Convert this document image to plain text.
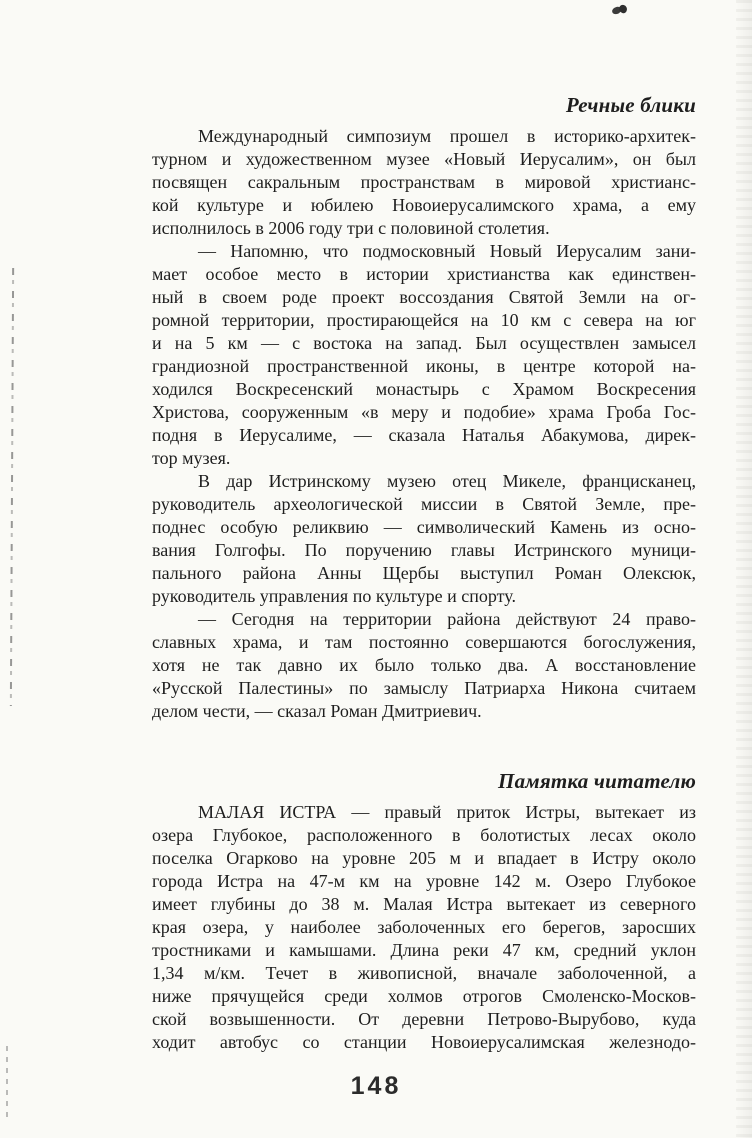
Речные блики
Международный симпозиум прошел в историко-архитек-
турном и художественном музее «Новый Иерусалим», он был
посвящен сакральным пространствам в мировой христианс-
кой культуре и юбилею Новоиерусалимского храма, а ему
исполнилось в 2006 году три с половиной столетия.
— Напомню, что подмосковный Новый Иерусалим зани-
мает особое место в истории христианства как единствен-
ный в своем роде проект воссоздания Святой Земли на ог-
ромной территории, простирающейся на 10 км с севера на юг
и на 5 км — с востока на запад. Был осуществлен замысел
грандиозной пространственной иконы, в центре которой на-
ходился Воскресенский монастырь с Храмом Воскресения
Христова, сооруженным «в меру и подобие» храма Гроба Гос-
подня в Иерусалиме, — сказала Наталья Абакумова, дирек-
тор музея.
В дар Истринскому музею отец Микеле, францисканец,
руководитель археологической миссии в Святой Земле, пре-
поднес особую реликвию — символический Камень из осно-
вания Голгофы. По поручению главы Истринского муници-
пального района Анны Щербы выступил Роман Олексюк,
руководитель управления по культуре и спорту.
— Сегодня на территории района действуют 24 право-
славных храма, и там постоянно совершаются богослужения,
хотя не так давно их было только два. А восстановление
«Русской Палестины» по замыслу Патриарха Никона считаем
делом чести, — сказал Роман Дмитриевич.
Памятка читателю
МАЛАЯ ИСТРА — правый приток Истры, вытекает из
озера Глубокое, расположенного в болотистых лесах около
поселка Огарково на уровне 205 м и впадает в Истру около
города Истра на 47-м км на уровне 142 м. Озеро Глубокое
имеет глубины до 38 м. Малая Истра вытекает из северного
края озера, у наиболее заболоченных его берегов, заросших
тростниками и камышами. Длина реки 47 км, средний уклон
1,34 м/км. Течет в живописной, вначале заболоченной, а
ниже прячущейся среди холмов отрогов Смоленско-Москов-
ской возвышенности. От деревни Петрово-Вырубово, куда
ходит автобус со станции Новоиерусалимская железнодо-
148
